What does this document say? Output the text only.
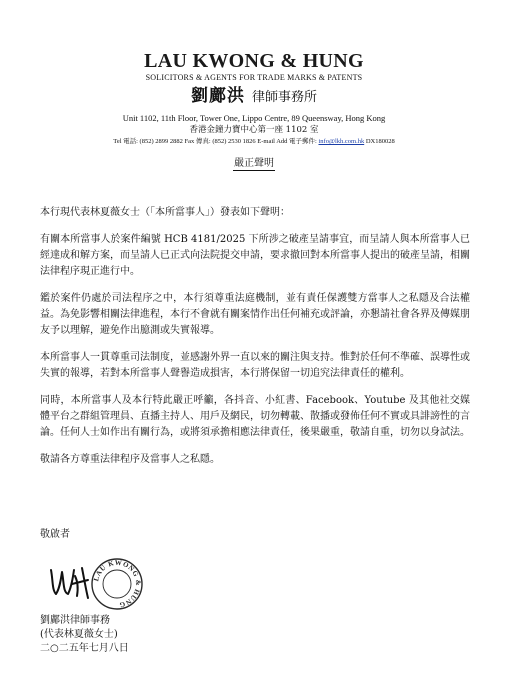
LAU KWONG & HUNG
SOLICITORS & AGENTS FOR TRADE MARKS & PATENTS
劉鄺洪 律師事務所
Unit 1102, 11th Floor, Tower One, Lippo Centre, 89 Queensway, Hong Kong
香港金鐘力寶中心第一座 1102 室
Tel 電話: (852) 2899 2882 Fax 傳真: (852) 2530 1826 E-mail Add 電子郵件: info@lkh.com.hk DX180028
嚴正聲明

本行現代表林夏薇女士（「本所當事人」）發表如下聲明：

有關本所當事人於案件編號 HCB 4181/2025 下所涉之破產呈請事宜，而呈請人與本所當事人已經達成和解方案，而呈請人已正式向法院提交申請，要求撤回對本所當事人提出的破產呈請，相關法律程序現正進行中。

鑑於案件仍處於司法程序之中，本行須尊重法庭機制，並有責任保護雙方當事人之私隱及合法權益。為免影響相關法律進程，本行不會就有關案情作出任何補充或評論，亦懇請社會各界及傳媒朋友予以理解，避免作出臆測或失實報導。

本所當事人一貫尊重司法制度，並感謝外界一直以來的關注與支持。惟對於任何不準確、誤導性或失實的報導，若對本所當事人聲譽造成損害，本行將保留一切追究法律責任的權利。

同時，本所當事人及本行特此嚴正呼籲，各抖音、小紅書、Facebook、Youtube 及其他社交媒體平台之群組管理員、直播主持人、用戶及網民，切勿轉載、散播或發佈任何不實或具誹謗性的言論。任何人士如作出有關行為，或將須承擔相應法律責任，後果嚴重，敬請自重，切勿以身試法。

敬請各方尊重法律程序及當事人之私隱。

敬啟者
LAU KWONG & HUNG
劉鄺洪律師事務
(代表林夏薇女士)
二○二五年七月八日
